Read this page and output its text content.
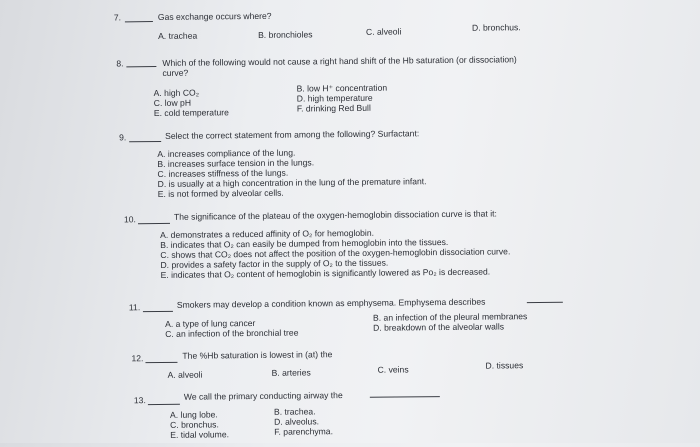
7.	Gas exchange occurs where?
A. trachea	B. bronchioles	C. alveoli	D. bronchus.
8.	Which of the following would not cause a right hand shift of the Hb saturation (or dissociation)
curve?
A. high CO₂
C. low pH
E. cold temperature
B. low H⁺ concentration
D. high temperature
F. drinking Red Bull
9.	Select the correct statement from among the following? Surfactant:
A. increases compliance of the lung.
B. increases surface tension in the lungs.
C. increases stiffness of the lungs.
D. is usually at a high concentration in the lung of the premature infant.
E. is not formed by alveolar cells.
10.	The significance of the plateau of the oxygen-hemoglobin dissociation curve is that it:
A. demonstrates a reduced affinity of O₂ for hemoglobin.
B. indicates that O₂ can easily be dumped from hemoglobin into the tissues.
C. shows that CO₂ does not affect the position of the oxygen-hemoglobin dissociation curve.
D. provides a safety factor in the supply of O₂ to the tissues.
E. indicates that O₂ content of hemoglobin is significantly lowered as Po₂ is decreased.
11.	Smokers may develop a condition known as emphysema. Emphysema describes
A. a type of lung cancer
C. an infection of the bronchial tree
B. an infection of the pleural membranes
D. breakdown of the alveolar walls
12.	The %Hb saturation is lowest in (at) the
A. alveoli	B. arteries	C. veins	D. tissues
13.	We call the primary conducting airway the
A. lung lobe.
C. bronchus.
E. tidal volume.
B. trachea.
D. alveolus.
F. parenchyma.
